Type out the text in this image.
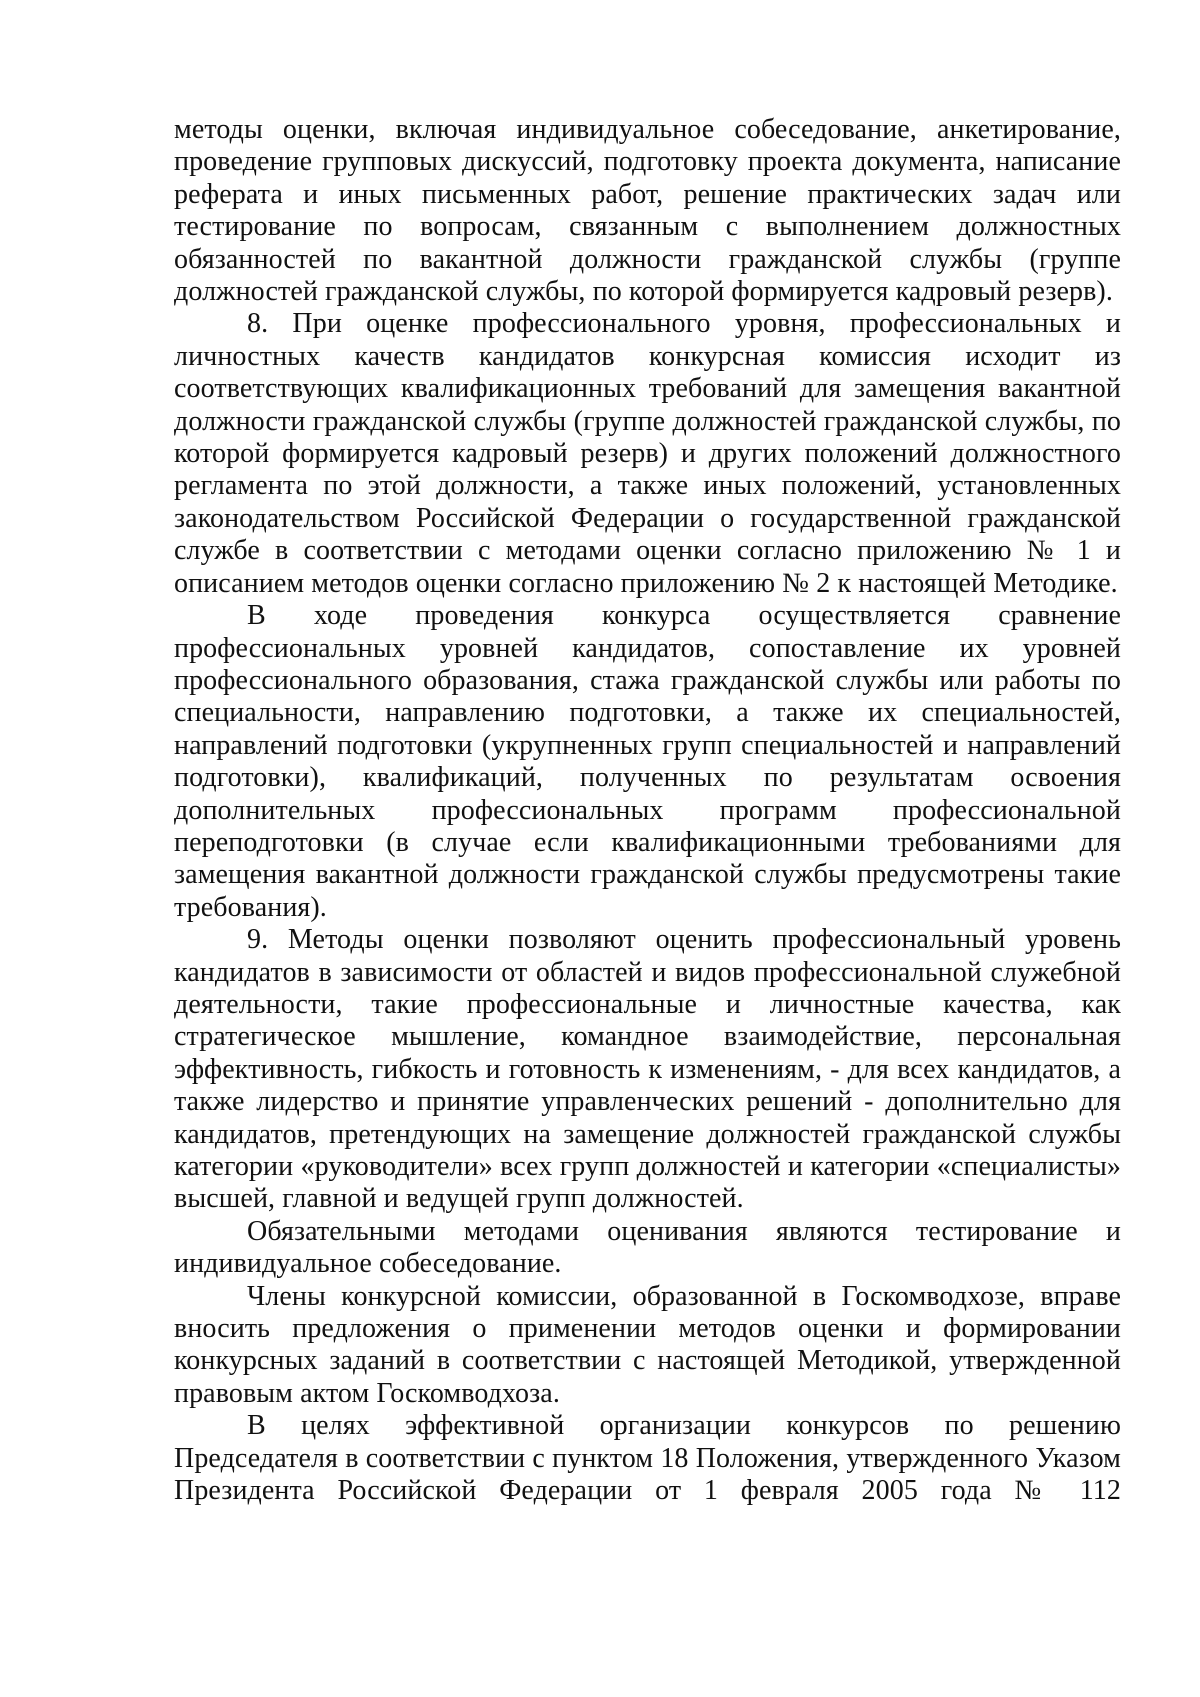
методы оценки, включая индивидуальное собеседование, анкетирование, проведение групповых дискуссий, подготовку проекта документа, написание реферата и иных письменных работ, решение практических задач или тестирование по вопросам, связанным с выполнением должностных обязанностей по вакантной должности гражданской службы (группе должностей гражданской службы, по которой формируется кадровый резерв).

8. При оценке профессионального уровня, профессиональных и личностных качеств кандидатов конкурсная комиссия исходит из соответствующих квалификационных требований для замещения вакантной должности гражданской службы (группе должностей гражданской службы, по которой формируется кадровый резерв) и других положений должностного регламента по этой должности, а также иных положений, установленных законодательством Российской Федерации о государственной гражданской службе в соответствии с методами оценки согласно приложению № 1 и описанием методов оценки согласно приложению № 2 к настоящей Методике.

В ходе проведения конкурса осуществляется сравнение профессиональных уровней кандидатов, сопоставление их уровней профессионального образования, стажа гражданской службы или работы по специальности, направлению подготовки, а также их специальностей, направлений подготовки (укрупненных групп специальностей и направлений подготовки), квалификаций, полученных по результатам освоения дополнительных профессиональных программ профессиональной переподготовки (в случае если квалификационными требованиями для замещения вакантной должности гражданской службы предусмотрены такие требования).

9. Методы оценки позволяют оценить профессиональный уровень кандидатов в зависимости от областей и видов профессиональной служебной деятельности, такие профессиональные и личностные качества, как стратегическое мышление, командное взаимодействие, персональная эффективность, гибкость и готовность к изменениям, - для всех кандидатов, а также лидерство и принятие управленческих решений - дополнительно для кандидатов, претендующих на замещение должностей гражданской службы категории «руководители» всех групп должностей и категории «специалисты» высшей, главной и ведущей групп должностей.

Обязательными методами оценивания являются тестирование и индивидуальное собеседование.

Члены конкурсной комиссии, образованной в Госкомводхозе, вправе вносить предложения о применении методов оценки и формировании конкурсных заданий в соответствии с настоящей Методикой, утвержденной правовым актом Госкомводхоза.

В целях эффективной организации конкурсов по решению Председателя в соответствии с пунктом 18 Положения, утвержденного Указом Президента Российской Федерации от 1 февраля 2005 года № 112
